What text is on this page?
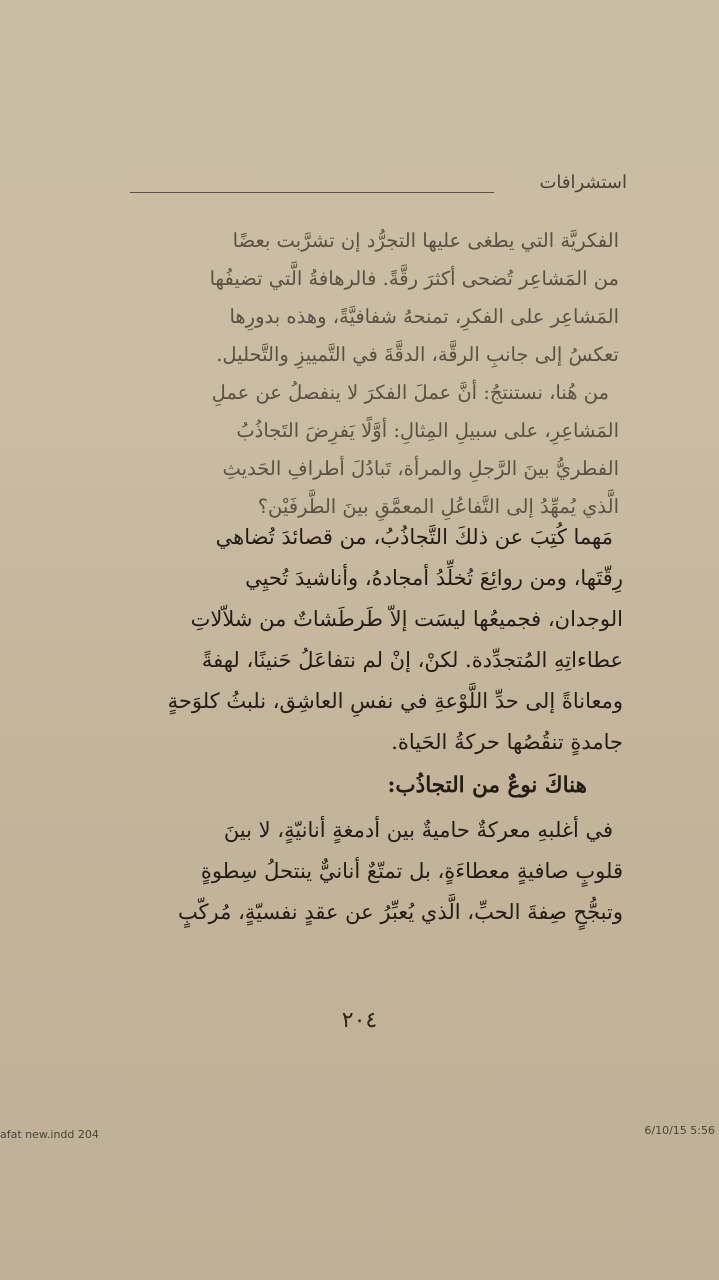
استشرافات

الفكريَّة التي يطغى عليها التجرُّد إن تشرَّبت بعضًا

من المَشاعِر تُضحى أكثرَ رقَّةً. فالرهافةُ الَّتي تضيفُها

المَشاعِر على الفكرِ، تمنحهُ شفافيَّةً، وهذه بدورِها

تعكسُ إلى جانبِ الرقَّة، الدقَّةَ في التَّمييزِ والتَّحليل.

من هُنا، نستنتجُ: أنَّ عملَ الفكرَ لا ينفصلُ عن عملِ

المَشاعِرِ، على سبيلِ المِثالِ: أوَّلًا يَفرِضَ التَجاذُبُ

الفطريُّ بينَ الرَّجلِ والمرأة، تَبادُلَ أطرافِ الحَديثِ

الَّذي يُمهِّدُ إلى التَّفاعُلِ المعمَّقِ بينَ الطَّرفَيْن؟

مَهما كُتِبَ عن ذلكَ التَّجاذُبُ، من قصائدَ تُضاهي

رِقّتَها، ومن روائِعَ تُخلِّدُ أمجادهُ، وأناشيدَ تُحيِي

الوجدان، فجميعُها ليسَت إلاّ طَرطَشاتٌ من شلاّلاتِ

عطاءاتِهِ المُتجدِّدة. لكنْ، إنْ لم نتفاعَلُ حَنينًا، لهفةً

ومعاناةً إلى حدِّ اللَّوْعةِ في نفسِ العاشِق، نلبثُ كلوَحةٍ

جامدةٍ تنقُصُها حركةُ الحَياة.

هناكَ نوعٌ من التجاذُب:

في أغلبهِ معركةٌ حاميةٌ بين أدمغةٍ أنانيّةٍ، لا بينَ

قلوبٍ صافيةٍ معطاءَةٍ، بل تمتّعٌ أنانيٌّ ينتحلُ سِطوةٍ

وتبجُّحٍ صِفةَ الحبِّ، الَّذي يُعبِّرُ عن عقدٍ نفسيّةٍ، مُركّبٍ

٢٠٤
afat new.indd 204	6/10/15 5:56
